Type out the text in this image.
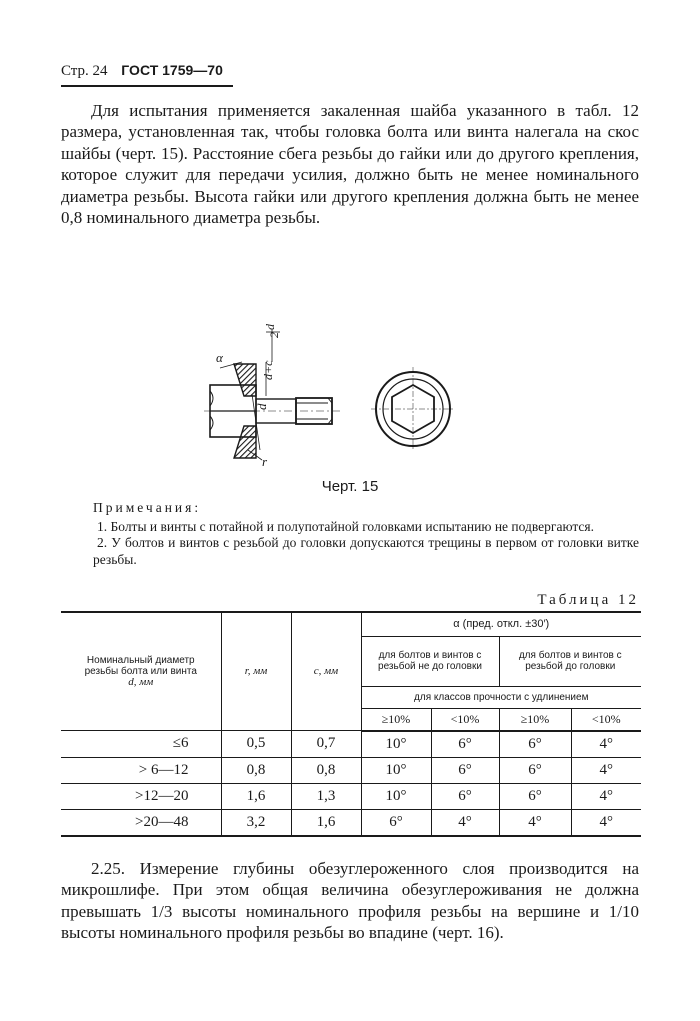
Стр. 24 ГОСТ 1759—70

Для испытания применяется закаленная шайба указанного в табл. 12 размера, установленная так, чтобы головка болта или винта налегала на скос шайбы (черт. 15). Расстояние сбега резьбы до гайки или до другого крепления, которое служит для передачи усилия, должно быть не менее номинального диаметра резьбы. Высота гайки или другого крепления должна быть не менее 0,8 номинального диаметра резьбы.

α
d
2
d+c
d
r
Черт. 15

Примечания:

1. Болты и винты с потайной и полупотайной головками испытанию не подвергаются.

2. У болтов и винтов с резьбой до головки допускаются трещины в первом от головки витке резьбы.

Таблица 12
Номинальный диаметр
резьбы болта или винта
d, мм	r, мм	c, мм	α (пред. откл. ±30′)			
			для болтов и винтов с резьбой не до головки		для болтов и винтов с резьбой до головки	
			для классов прочности с удлинением			
			≥10%	<10%	≥10%	<10%
≤6	0,5	0,7	10°	6°	6°	4°
> 6—12	0,8	0,8	10°	6°	6°	4°
>12—20	1,6	1,3	10°	6°	6°	4°
>20—48	3,2	1,6	6°	4°	4°	4°

2.25. Измерение глубины обезуглероженного слоя производится на микрошлифе. При этом общая величина обезуглероживания не должна превышать 1/3 высоты номинального профиля резьбы на вершине и 1/10 высоты номинального профиля резьбы во впадине (черт. 16).
